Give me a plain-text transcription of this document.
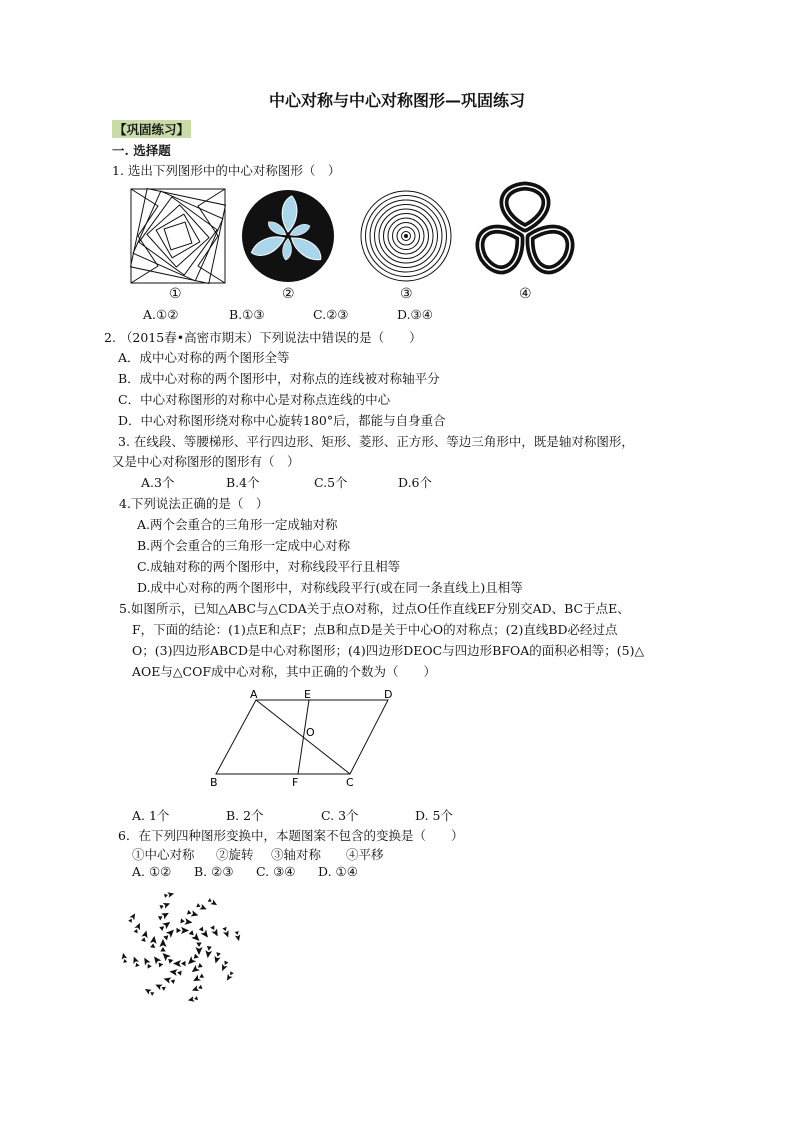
中心对称与中心对称图形—巩固练习
【巩固练习】
一. 选择题
1. 选出下列图形中的中心对称图形（　）
①	②	③	④
A.①②	B.①③	C.②③	D.③④
2. （2015春•高密市期末）下列说法中错误的是（　　）
A．成中心对称的两个图形全等
B．成中心对称的两个图形中，对称点的连线被对称轴平分
C．中心对称图形的对称中心是对称点连线的中心
D．中心对称图形绕对称中心旋转180°后，都能与自身重合
3. 在线段、等腰梯形、平行四边形、矩形、菱形、正方形、等边三角形中，既是轴对称图形，
又是中心对称图形的图形有（　）
A.3个	B.4个	C.5个	D.6个
4.下列说法正确的是（　）
A.两个会重合的三角形一定成轴对称
B.两个会重合的三角形一定成中心对称
C.成轴对称的两个图形中，对称线段平行且相等
D.成中心对称的两个图形中，对称线段平行(或在同一条直线上)且相等
5.如图所示，已知△ABC与△CDA关于点O对称，过点O任作直线EF分别交AD、BC于点E、
F，下面的结论：(1)点E和点F；点B和点D是关于中心O的对称点；(2)直线BD必经过点
O；(3)四边形ABCD是中心对称图形；(4)四边形DEOC与四边形BFOA的面积必相等；(5)△
AOE与△COF成中心对称，其中正确的个数为（　　）
A	E	D
O
B	F	C
A. 1个	B. 2个	C. 3个	D. 5个
6．在下列四种图形变换中，本题图案不包含的变换是（　　）
①中心对称 ②旋转 ③轴对称 ④平移
A. ①② B. ②③ C. ③④ D. ①④
